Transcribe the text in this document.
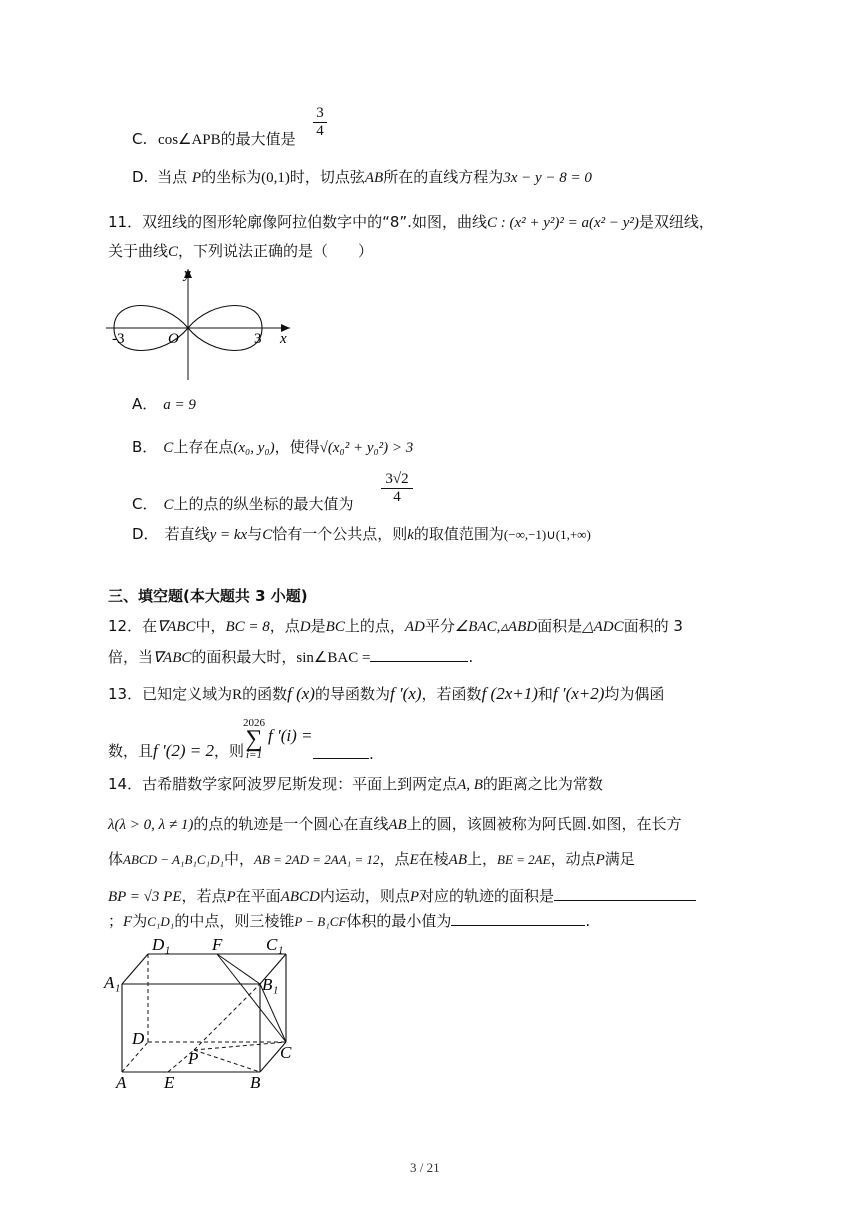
C. cos∠APB的最大值是
3
4
D. 当点 P的坐标为(0,1)时，切点弦AB所在的直线方程为3x − y − 8 = 0
11．双纽线的图形轮廓像阿拉伯数字中的“8”.如图，曲线C : (x² + y²)² = a(x² − y²)是双纽线，
关于曲线C，下列说法正确的是（　　）
y
x
O
-3	3
A． a = 9
B． C上存在点(x₀, y₀)，使得√(x₀² + y₀²) > 3
C． C上的点的纵坐标的最大值为
3√2
4
D． 若直线y = kx与C恰有一个公共点，则k的取值范围为(−∞,−1)∪(1,+∞)
三、填空题(本大题共 3 小题)
12．在∇ABC中，BC = 8，点D是BC上的点，AD平分∠BAC,▵ABD面积是△ADC面积的 3
倍，当∇ABC的面积最大时，sin∠BAC =	.
13．已知定义域为R的函数f (x)的导函数为f ′(x)，若函数f (2x+1)和f ′(x+2)均为偶函
数，且f ′(2) = 2，则
2026
∑
i=1
f ′(i) =
.
14．古希腊数学家阿波罗尼斯发现：平面上到两定点A, B的距离之比为常数
λ(λ > 0, λ ≠ 1)的点的轨迹是一个圆心在直线AB上的圆，该圆被称为阿氏圆.如图，在长方
体ABCD − A₁B₁C₁D₁中，AB = 2AD = 2AA₁ = 12，点E在棱AB上，BE = 2AE，动点P满足
BP = √3 PE，若点P在平面ABCD内运动，则点P对应的轨迹的面积是
；F为C₁D₁的中点，则三棱锥P − B₁CF体积的最小值为	.
D₁ F	C₁
A₁	B₁
D
P	C
A E	B
3 / 21
